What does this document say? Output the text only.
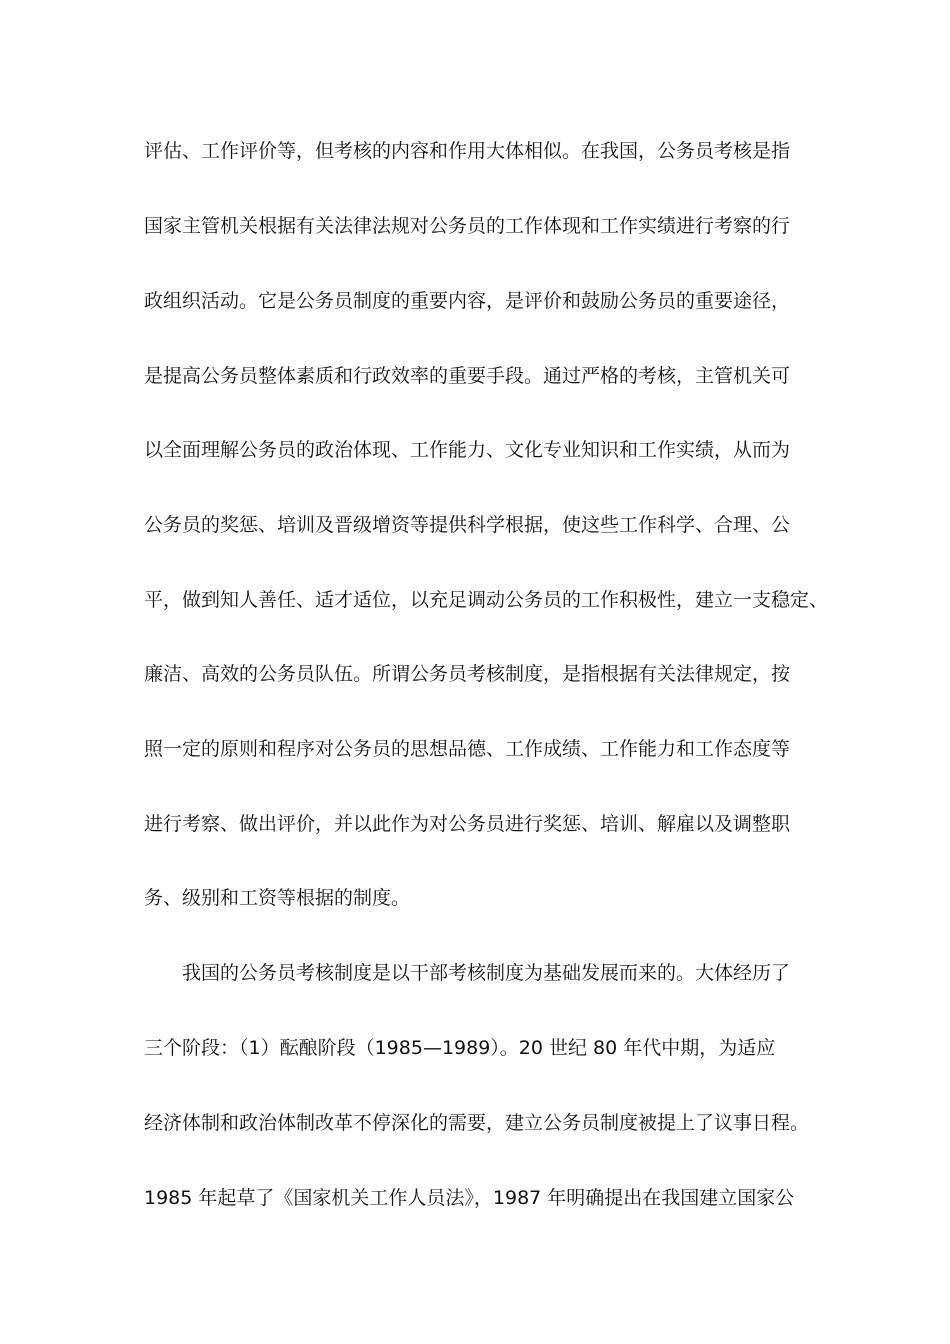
评估、工作评价等，但考核的内容和作用大体相似。在我国，公务员考核是指
国家主管机关根据有关法律法规对公务员的工作体现和工作实绩进行考察的行
政组织活动。它是公务员制度的重要内容，是评价和鼓励公务员的重要途径，
是提高公务员整体素质和行政效率的重要手段。通过严格的考核，主管机关可
以全面理解公务员的政治体现、工作能力、文化专业知识和工作实绩，从而为
公务员的奖惩、培训及晋级增资等提供科学根据，使这些工作科学、合理、公
平，做到知人善任、适才适位，以充足调动公务员的工作积极性，建立一支稳定、
廉洁、高效的公务员队伍。所谓公务员考核制度，是指根据有关法律规定，按
照一定的原则和程序对公务员的思想品德、工作成绩、工作能力和工作态度等
进行考察、做出评价，并以此作为对公务员进行奖惩、培训、解雇以及调整职
务、级别和工资等根据的制度。
　　我国的公务员考核制度是以干部考核制度为基础发展而来的。大体经历了
三个阶段：（1）酝酿阶段（1985—1989）。20 世纪 80 年代中期，为适应
经济体制和政治体制改革不停深化的需要，建立公务员制度被提上了议事日程。
1985 年起草了《国家机关工作人员法》，1987 年明确提出在我国建立国家公
